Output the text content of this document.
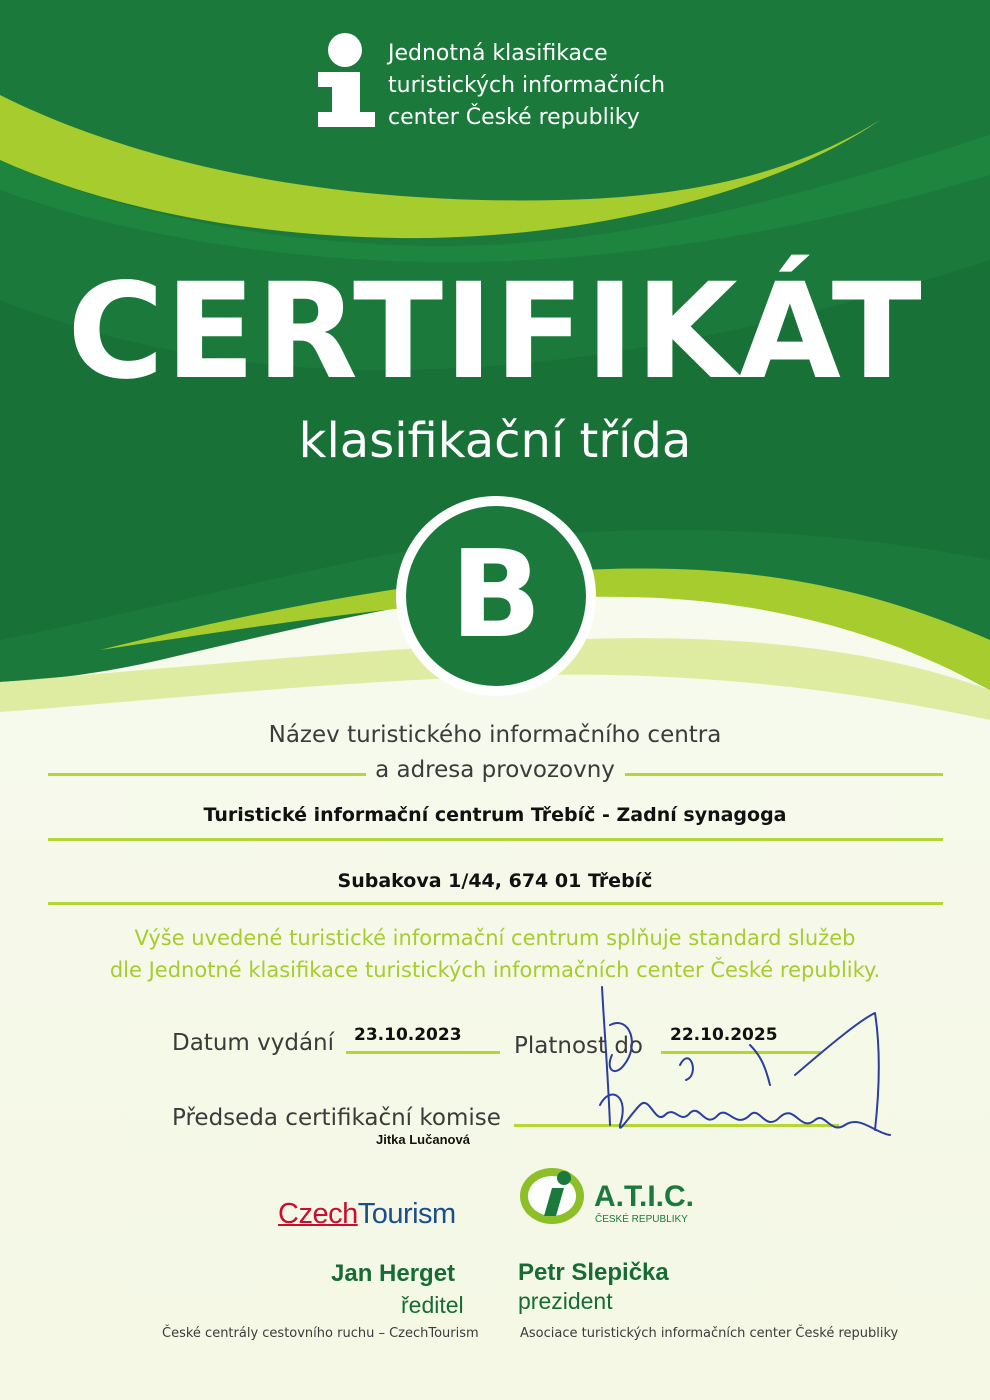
Jednotná klasifikace
turistických informačních
center České republiky
CERTIFIKÁT
klasifikační třída
B
Název turistického informačního centra
a adresa provozovny
Turistické informační centrum Třebíč - Zadní synagoga
Subakova 1/44, 674 01 Třebíč
Výše uvedené turistické informační centrum splňuje standard služeb
dle Jednotné klasifikace turistických informačních center České republiky.
Datum vydání 23.10.2023 Platnost do 22.10.2025
Předseda certifikační komise
Jitka Lučanová
CzechTourism
A.T.I.C.
ČESKÉ REPUBLIKY
Jan Herget
ředitel
České centrály cestovního ruchu – CzechTourism
Petr Slepička
prezident
Asociace turistických informačních center České republiky
